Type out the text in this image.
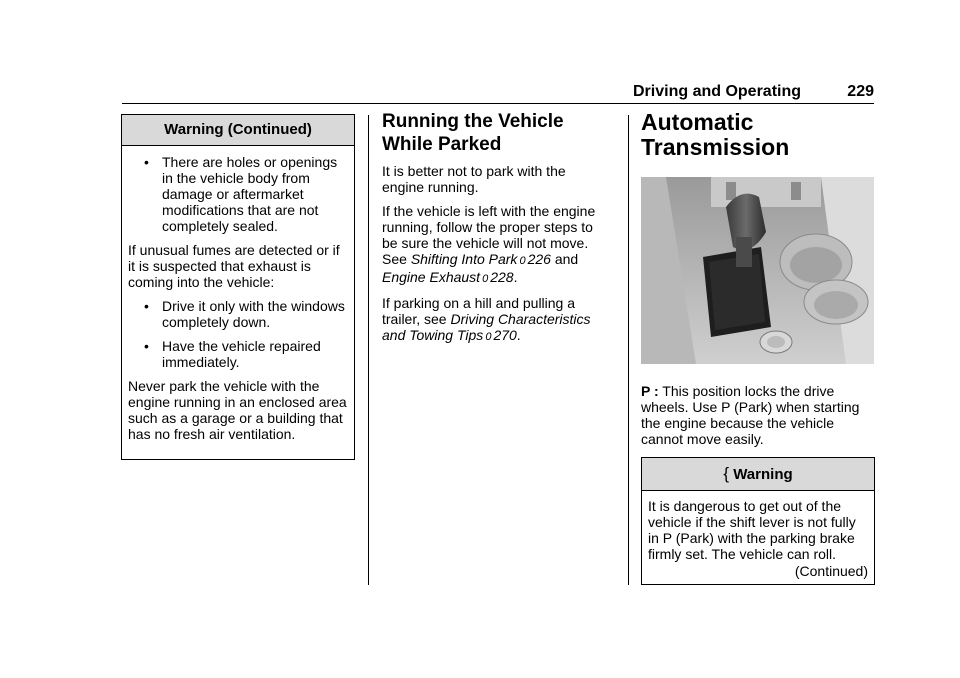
Driving and Operating	229
Warning (Continued)
• There are holes or openings in the vehicle body from damage or aftermarket modifications that are not completely sealed.

If unusual fumes are detected or if it is suspected that exhaust is coming into the vehicle:

• Drive it only with the windows completely down.
• Have the vehicle repaired immediately.

Never park the vehicle with the engine running in an enclosed area such as a garage or a building that has no fresh air ventilation.

Running the Vehicle
While Parked

It is better not to park with the engine running.

If the vehicle is left with the engine running, follow the proper steps to be sure the vehicle will not move. See Shifting Into Park 0 226 and Engine Exhaust 0 228.

If parking on a hill and pulling a trailer, see Driving Characteristics and Towing Tips 0 270.

Automatic
Transmission
P : This position locks the drive wheels. Use P (Park) when starting the engine because the vehicle cannot move easily.
{ Warning

It is dangerous to get out of the vehicle if the shift lever is not fully in P (Park) with the parking brake firmly set. The vehicle can roll.

(Continued)
